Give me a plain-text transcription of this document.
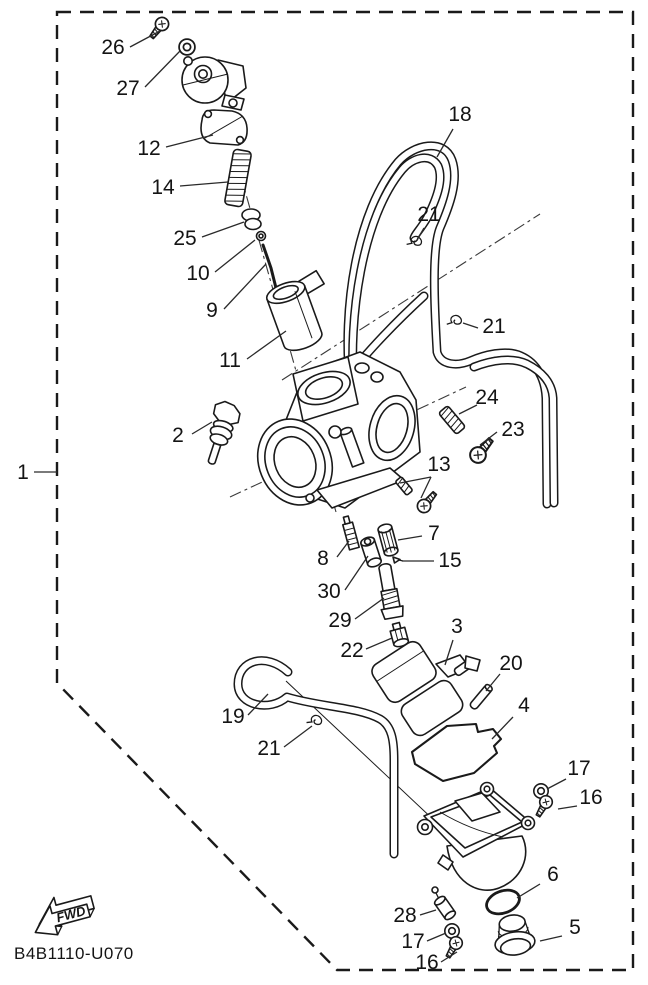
FWD
B4B1110-U070
26
27
12
14
25
10
9
11
18
21
21
2
24
23
13
1
7
8	15
30
29
22
3
20
19	4
21
17
16
6
28
17
5
16
